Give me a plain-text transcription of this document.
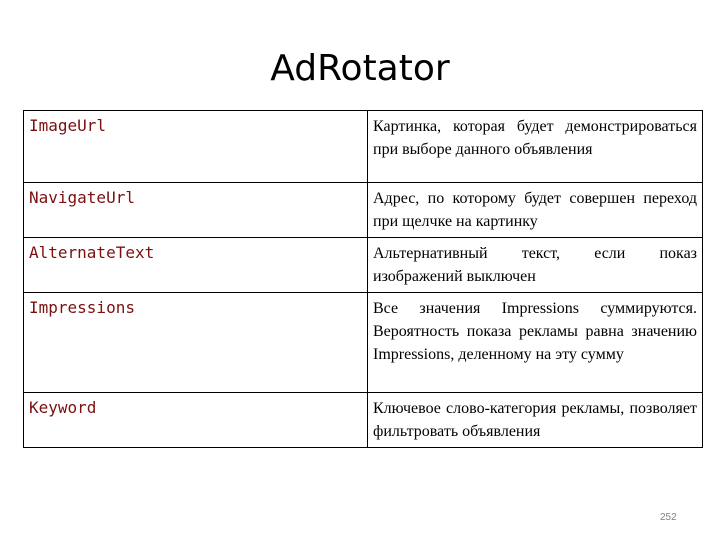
AdRotator
ImageUrl	Картинка, которая будет демонстрироваться при выборе данного объявления
NavigateUrl	Адрес, по которому будет совершен переход при щелчке на картинку
AlternateText	Альтернативный текст, если показ изображений выключен
Impressions	Все значения Impressions суммируются. Вероятность показа рекламы равна значению Impressions, деленному на эту сумму
Keyword	Ключевое слово-категория рекламы, позволяет фильтровать объявления
252
